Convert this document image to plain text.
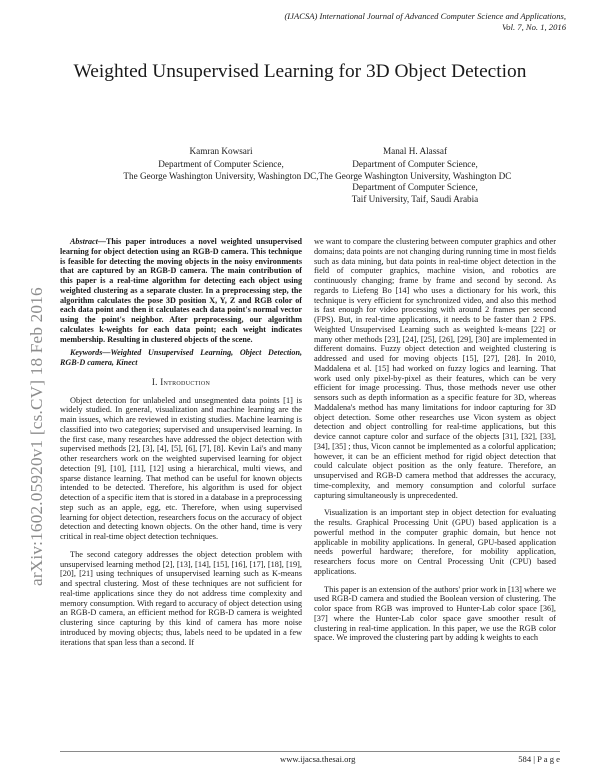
(IJACSA) International Journal of Advanced Computer Science and Applications,
Vol. 7, No. 1, 2016
arXiv:1602.05920v1 [cs.CV] 18 Feb 2016
Weighted Unsupervised Learning for 3D Object Detection
Kamran Kowsari
Department of Computer Science,
The George Washington University, Washington DC,
Manal H. Alassaf
Department of Computer Science,
The George Washington University, Washington DC
Department of Computer Science,
Taif University, Taif, Saudi Arabia

Abstract—This paper introduces a novel weighted unsupervised learning for object detection using an RGB-D camera. This technique is feasible for detecting the moving objects in the noisy environments that are captured by an RGB-D camera. The main contribution of this paper is a real-time algorithm for detecting each object using weighted clustering as a separate cluster. In a preprocessing step, the algorithm calculates the pose 3D position X, Y, Z and RGB color of each data point and then it calculates each data point's normal vector using the point's neighbor. After preprocessing, our algorithm calculates k-weights for each data point; each weight indicates membership. Resulting in clustered objects of the scene.

Keywords—Weighted Unsupervised Learning, Object Detection, RGB-D camera, Kinect

I. Introduction

Object detection for unlabeled and unsegmented data points [1] is widely studied. In general, visualization and machine learning are the main issues, which are reviewed in existing studies. Machine learning is classified into two categories; supervised and unsupervised learning. In the first case, many researches have addressed the object detection with supervised methods [2], [3], [4], [5], [6], [7], [8]. Kevin Lai's and many other researchers work on the weighted supervised learning for object detection [9], [10], [11], [12] using a hierarchical, multi views, and sparse distance learning. That method can be useful for known objects intended to be detected. Therefore, his algorithm is used for object detection of a specific item that is stored in a database in a preprocessing step such as an apple, egg, etc. Therefore, when using supervised learning for object detection, researchers focus on the accuracy of object detection and detecting known objects. On the other hand, time is very critical in real-time object detection techniques.

The second category addresses the object detection problem with unsupervised learning method [2], [13], [14], [15], [16], [17], [18], [19], [20], [21] using techniques of unsupervised learning such as K-means and spectral clustering. Most of these techniques are not sufficient for real-time applications since they do not address time complexity and memory consumption. With regard to accuracy of object detection using an RGB-D camera, an efficient method for RGB-D camera is weighted clustering since capturing by this kind of camera has more noise introduced by moving objects; thus, labels need to be updated in a few iterations that span less than a second. If

we want to compare the clustering between computer graphics and other domains; data points are not changing during running time in most fields such as data mining, but data points in real-time object detection in the field of computer graphics, machine vision, and robotics are continuously changing; frame by frame and second by second. As regards to Liefeng Bo [14] who uses a dictionary for his work, this technique is very efficient for synchronized video, and also this method is fast enough for video processing with around 2 frames per second (FPS). But, in real-time applications, it needs to be faster than 2 FPS. Weighted Unsupervised Learning such as weighted k-means [22] or many other methods [23], [24], [25], [26], [29], [30] are implemented in different domains. Fuzzy object detection and weighted clustering is addressed and used for moving objects [15], [27], [28]. In 2010, Maddalena et al. [15] had worked on fuzzy logics and learning. That work used only pixel-by-pixel as their features, which can be very efficient for image processing. Thus, those methods never use other sensors such as depth information as a specific feature for 3D, whereas Maddalena's method has many limitations for indoor capturing for 3D object detection. Some other researches use Vicon system as object detection and object controlling for real-time applications, but this device cannot capture color and surface of the objects [31], [32], [33], [34], [35] ; thus, Vicon cannot be implemented as a colorful application; however, it can be an efficient method for rigid object detection that could calculate object position as the only feature. Therefore, an unsupervised and RGB-D camera method that addresses the accuracy, time-complexity, and memory consumption and colorful surface capturing simultaneously is unprecedented.

Visualization is an important step in object detection for evaluating the results. Graphical Processing Unit (GPU) based application is a powerful method in the computer graphic domain, but hence not applicable in mobility applications. In general, GPU-based application needs powerful hardware; therefore, for mobility application, researchers focus more on Central Processing Unit (CPU) based applications.

This paper is an extension of the authors' prior work in [13] where we used RGB-D camera and studied the Boolean version of clustering. The color space from RGB was improved to Hunter-Lab color space [36], [37] where the Hunter-Lab color space gave smoother result of clustering in real-time application. In this paper, we use the RGB color space. We improved the clustering part by adding k weights to each

www.ijacsa.thesai.org	584 | P a g e
